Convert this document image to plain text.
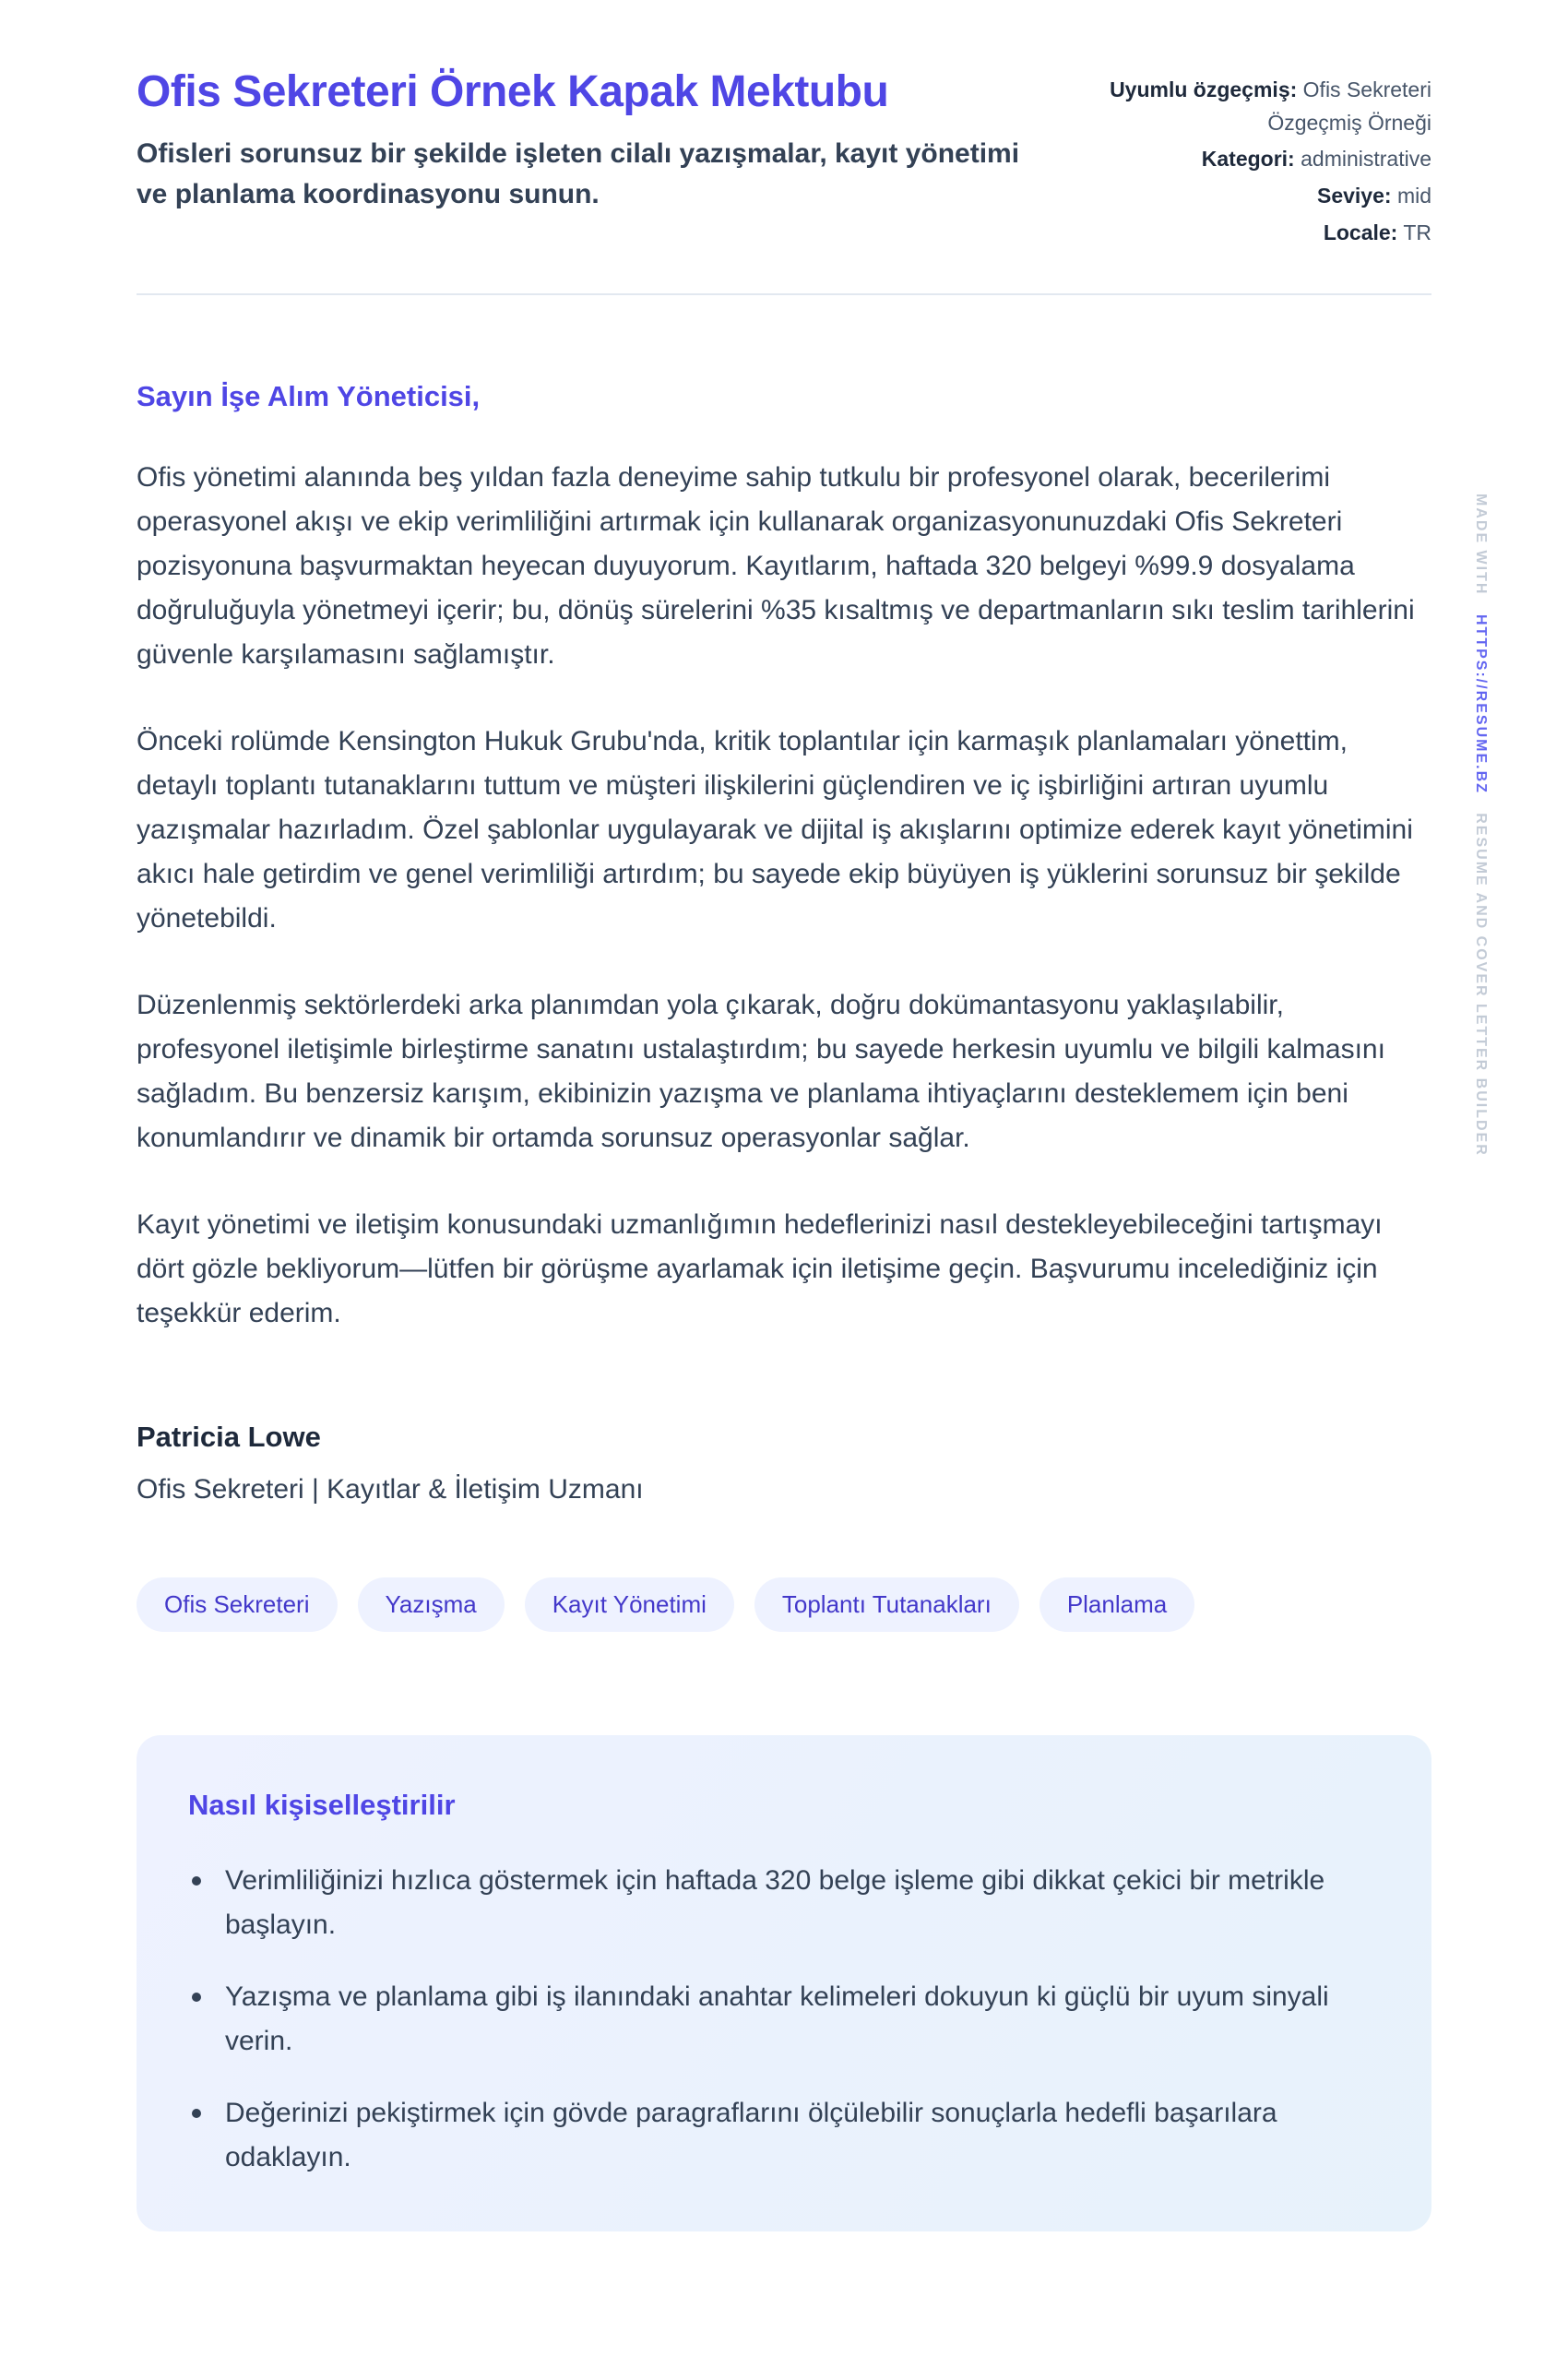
MADE WITH HTTPS://RESUME.BZ RESUME AND COVER LETTER BUILDER
Ofis Sekreteri Örnek Kapak Mektubu

Ofisleri sorunsuz bir şekilde işleten cilalı yazışmalar, kayıt yönetimi ve planlama koordinasyonu sunun.

Uyumlu özgeçmiş: Ofis Sekreteri Özgeçmiş Örneği
Kategori: administrative
Seviye: mid
Locale: TR

Sayın İşe Alım Yöneticisi,

Ofis yönetimi alanında beş yıldan fazla deneyime sahip tutkulu bir profesyonel olarak, becerilerimi operasyonel akışı ve ekip verimliliğini artırmak için kullanarak organizasyonunuzdaki Ofis Sekreteri pozisyonuna başvurmaktan heyecan duyuyorum. Kayıtlarım, haftada 320 belgeyi %99.9 dosyalama doğruluğuyla yönetmeyi içerir; bu, dönüş sürelerini %35 kısaltmış ve departmanların sıkı teslim tarihlerini güvenle karşılamasını sağlamıştır.

Önceki rolümde Kensington Hukuk Grubu'nda, kritik toplantılar için karmaşık planlamaları yönettim, detaylı toplantı tutanaklarını tuttum ve müşteri ilişkilerini güçlendiren ve iç işbirliğini artıran uyumlu yazışmalar hazırladım. Özel şablonlar uygulayarak ve dijital iş akışlarını optimize ederek kayıt yönetimini akıcı hale getirdim ve genel verimliliği artırdım; bu sayede ekip büyüyen iş yüklerini sorunsuz bir şekilde yönetebildi.

Düzenlenmiş sektörlerdeki arka planımdan yola çıkarak, doğru dokümantasyonu yaklaşılabilir, profesyonel iletişimle birleştirme sanatını ustalaştırdım; bu sayede herkesin uyumlu ve bilgili kalmasını sağladım. Bu benzersiz karışım, ekibinizin yazışma ve planlama ihtiyaçlarını desteklemem için beni konumlandırır ve dinamik bir ortamda sorunsuz operasyonlar sağlar.

Kayıt yönetimi ve iletişim konusundaki uzmanlığımın hedeflerinizi nasıl destekleyebileceğini tartışmayı dört gözle bekliyorum—lütfen bir görüşme ayarlamak için iletişime geçin. Başvurumu incelediğiniz için teşekkür ederim.

Patricia Lowe

Ofis Sekreteri | Kayıtlar & İletişim Uzmanı

Ofis Sekreteri	Yazışma	Kayıt Yönetimi	Toplantı Tutanakları	Planlama
Nasıl kişiselleştirilir
Verimliliğinizi hızlıca göstermek için haftada 320 belge işleme gibi dikkat çekici bir metrikle başlayın.
Yazışma ve planlama gibi iş ilanındaki anahtar kelimeleri dokuyun ki güçlü bir uyum sinyali verin.
Değerinizi pekiştirmek için gövde paragraflarını ölçülebilir sonuçlarla hedefli başarılara odaklayın.
